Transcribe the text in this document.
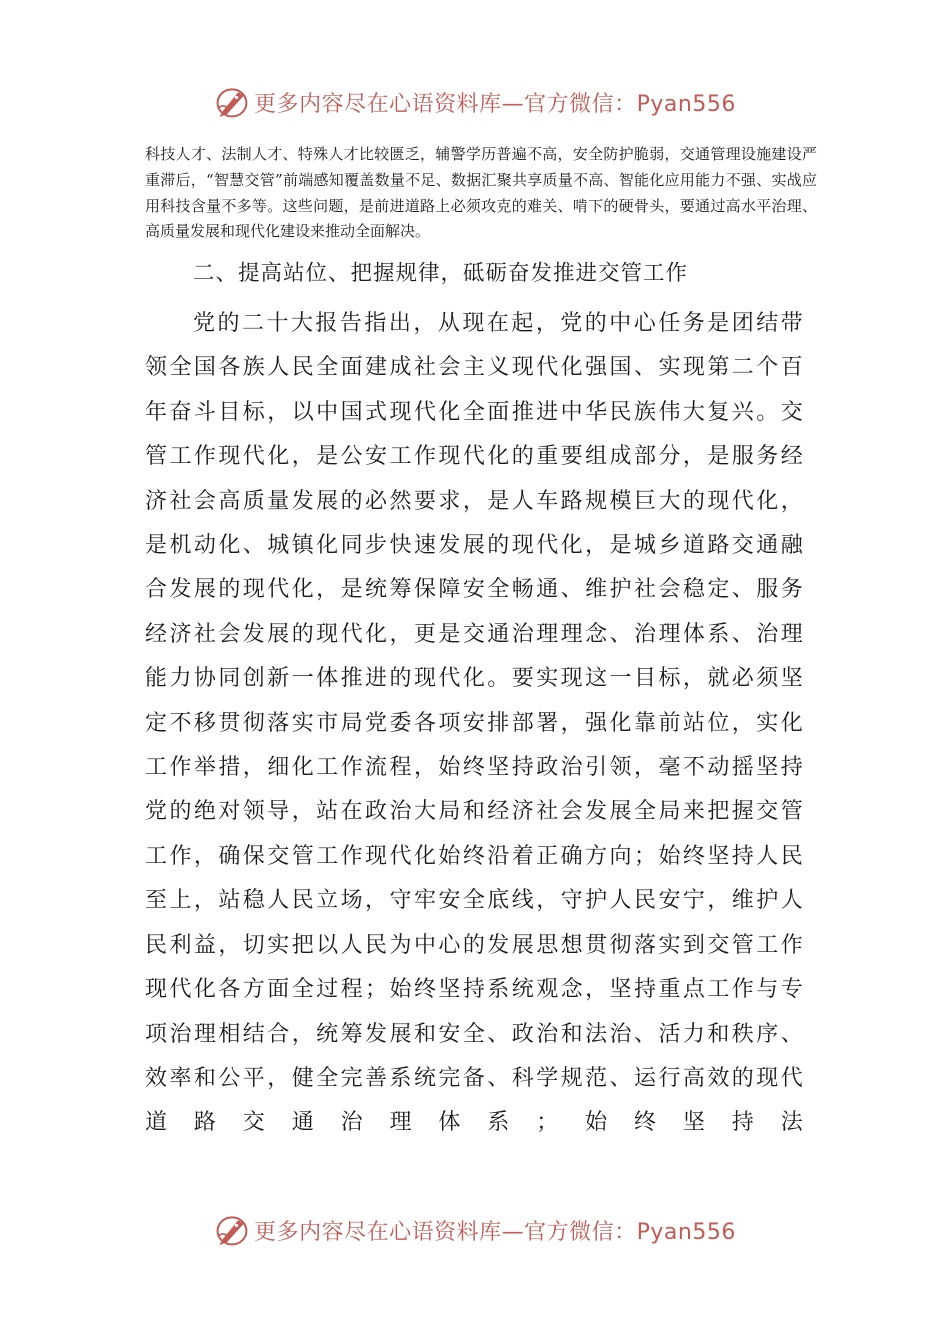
更多内容尽在心语资料库—官方微信：Pyan556

科技人才、法制人才、特殊人才比较匮乏，辅警学历普遍不高，安全防护脆弱，交通管理设施建设严重滞后，“智慧交管”前端感知覆盖数量不足、数据汇聚共享质量不高、智能化应用能力不强、实战应用科技含量不多等。这些问题，是前进道路上必须攻克的难关、啃下的硬骨头，要通过高水平治理、高质量发展和现代化建设来推动全面解决。

二、提高站位、把握规律，砥砺奋发推进交管工作

党的二十大报告指出，从现在起，党的中心任务是团结带领全国各族人民全面建成社会主义现代化强国、实现第二个百年奋斗目标，以中国式现代化全面推进中华民族伟大复兴。交管工作现代化，是公安工作现代化的重要组成部分，是服务经济社会高质量发展的必然要求，是人车路规模巨大的现代化，是机动化、城镇化同步快速发展的现代化，是城乡道路交通融合发展的现代化，是统筹保障安全畅通、维护社会稳定、服务经济社会发展的现代化，更是交通治理理念、治理体系、治理能力协同创新一体推进的现代化。要实现这一目标，就必须坚定不移贯彻落实市局党委各项安排部署，强化靠前站位，实化工作举措，细化工作流程，始终坚持政治引领，毫不动摇坚持党的绝对领导，站在政治大局和经济社会发展全局来把握交管工作，确保交管工作现代化始终沿着正确方向；始终坚持人民至上，站稳人民立场，守牢安全底线，守护人民安宁，维护人民利益，切实把以人民为中心的发展思想贯彻落实到交管工作现代化各方面全过程；始终坚持系统观念，坚持重点工作与专项治理相结合，统筹发展和安全、政治和法治、活力和秩序、效率和公平，健全完善系统完备、科学规范、运行高效的现代道路交通治理体系；始终坚持法

更多内容尽在心语资料库—官方微信：Pyan556
